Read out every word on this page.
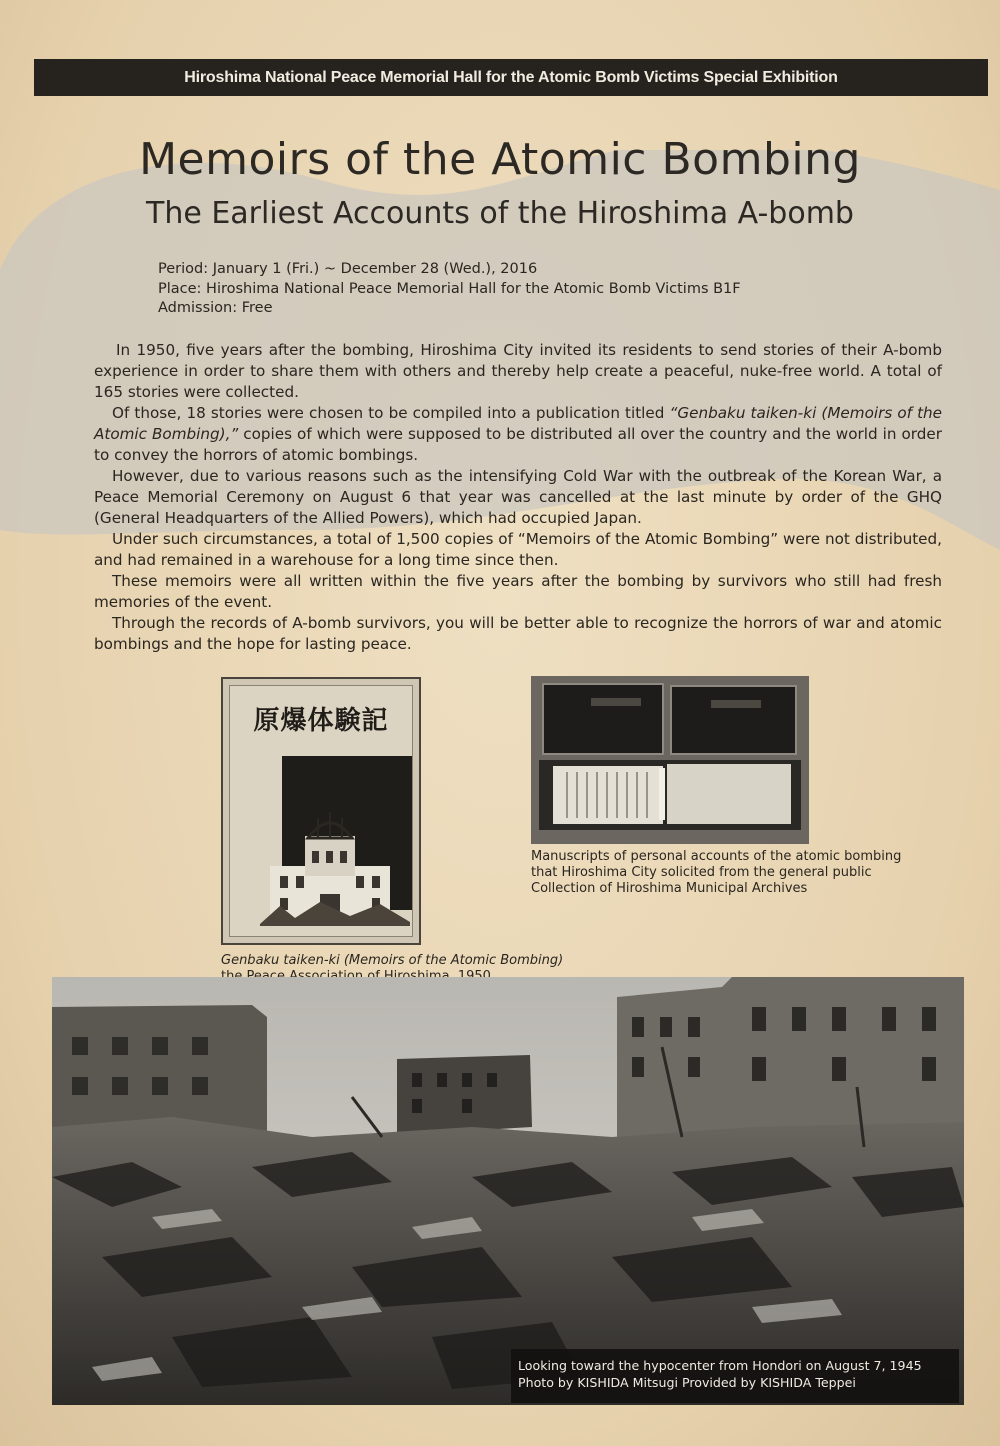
Hiroshima National Peace Memorial Hall for the Atomic Bomb Victims Special Exhibition
Memoirs of the Atomic Bombing
The Earliest Accounts of the Hiroshima A-bomb
Period: January 1 (Fri.) ~ December 28 (Wed.), 2016
Place: Hiroshima National Peace Memorial Hall for the Atomic Bomb Victims B1F
Admission: Free

In 1950, five years after the bombing, Hiroshima City invited its residents to send stories of their A-bomb experience in order to share them with others and thereby help create a peaceful, nuke-free world. A total of 165 stories were collected.

Of those, 18 stories were chosen to be compiled into a publication titled “Genbaku taiken-ki (Memoirs of the Atomic Bombing),” copies of which were supposed to be distributed all over the country and the world in order to convey the horrors of atomic bombings.

However, due to various reasons such as the intensifying Cold War with the outbreak of the Korean War, a Peace Memorial Ceremony on August 6 that year was cancelled at the last minute by order of the GHQ (General Headquarters of the Allied Powers), which had occupied Japan.

Under such circumstances, a total of 1,500 copies of “Memoirs of the Atomic Bombing” were not distributed, and had remained in a warehouse for a long time since then.

These memoirs were all written within the five years after the bombing by survivors who still had fresh memories of the event.

Through the records of A-bomb survivors, you will be better able to recognize the horrors of war and atomic bombings and the hope for lasting peace.

原爆体験記
Manuscripts of personal accounts of the atomic bombing
that Hiroshima City solicited from the general public
Collection of Hiroshima Municipal Archives
Genbaku taiken-ki (Memoirs of the Atomic Bombing)
Looking toward the hypocenter from Hondori on August 7, 1945
Photo by KISHIDA Mitsugi Provided by KISHIDA Teppei
